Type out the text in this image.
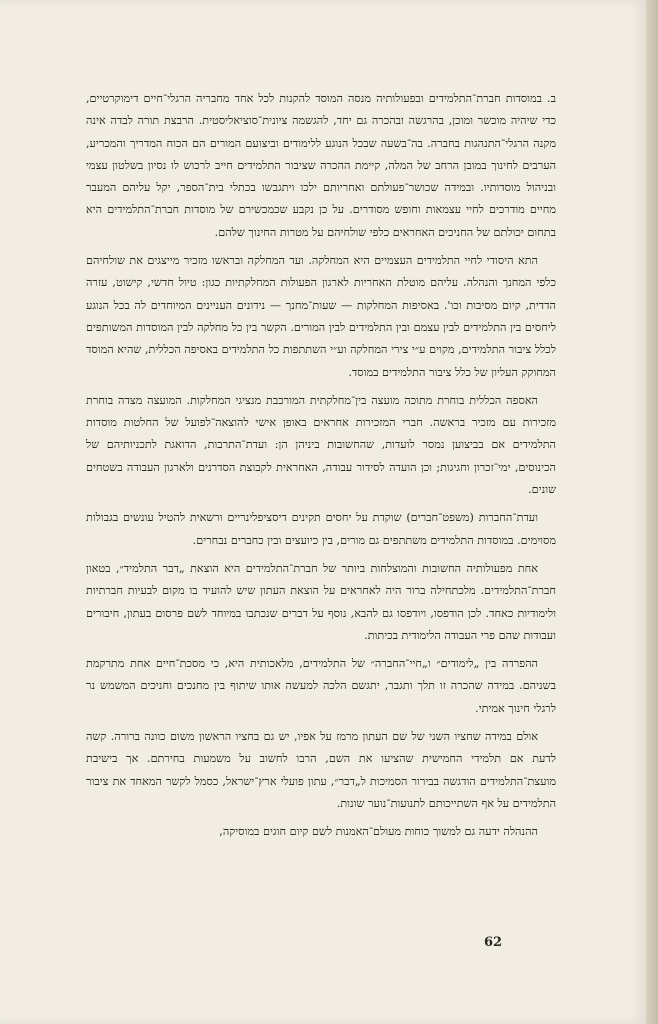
ב. במוסדות חברת־התלמידים ובפעולותיה מנסה המוסד להקנות לכל אחד מחבריה הרגלי־חיים דימוקרטיים, כדי שיהיה מוכשר ומוכן, בהרגשה ובהכרה גם יחד, להגשמה ציונית־סוציאליסטית. הרבצת תורה לבדה אינה מקנה הרגלי־התנהגות בחברה. בה־בשעה שבכל הנוגע ללימודים וביצועם המורים הם הכוח המדריך והמכריע, הערבים לחינוך במובן הרחב של המלה, קיימת ההכרה שציבור התלמידים חייב לרכוש לו נסיון בשלטון עצמי ובניהול מוסדותיו. ובמידה שכושר־פעולתם ואחריותם ילכו ויתגבשו בכתלי בית־הספר, יקל עליהם המעבר מחיים מודרכים לחיי עצמאות וחופש מסודרים. על כן נקבע שכמכשירם של מוסדות חברת־התלמידים היא בתחום יכולתם של החניכים האחראים כלפי שולחיהם על מטרות החינוך שלהם.

התא היסודי לחיי התלמידים העצמיים היא המחלקה. ועד המחלקה ובראשו מזכיר מייצגים את שולחיהם כלפי המחנך והנהלה. עליהם מוטלת האחריות לארגון הפעולות המחלקתיות כגון: טיול חדשי, קישוט, עזרה הדדית, קיום מסיבות וכו'. באסיפות המחלקות — שעות־מחנך — נידונים העניינים המיוחדים לה בכל הנוגע ליחסים בין התלמידים לבין עצמם ובין התלמידים לבין המורים. הקשר בין כל מחלקה לבין המוסדות המשותפים לכלל ציבור התלמידים, מקוים ע״י צירי המחלקה וע״י השתתפות כל התלמידים באסיפה הכללית, שהיא המוסד המחוקק העליון של כלל ציבור התלמידים במוסד.

האספה הכללית בוחרת מתוכה מועצה בין־מחלקתית המורכבת מנציגי המחלקות. המועצה מצדה בוחרת מזכירות עם מזכיר בראשה. חברי המזכירות אחראים באופן אישי להוצאה־לפועל של החלטות מוסדות התלמידים אם בביצוען נמסר לועדות, שהחשובות ביניהן הן: ועדת־התרבות, הדואגת לתכניותיהם של הכינוסים, ימי־זכרון וחגיגות; וכן הועדה לסידור עבודה, האחראית לקבוצת הסדרנים ולארגון העבודה בשטחים שונים.

ועדת־החברות (משפט־חברים) שוקדת על יחסים תקינים דיסציפלינריים ורשאית להטיל עונשים בגבולות מסוימים. במוסדות התלמידים משתתפים גם מורים, בין כיועצים ובין כחברים נבחרים.

אחת מפעולותיה החשובות והמוצלחות ביותר של חברת־התלמידים היא הוצאת „דבר התלמיד״, בטאון חברת־התלמידים. מלכתחילה ברור היה לאחראים על הוצאת העתון שיש להועיד בו מקום לבעיות חברתיות ולימודיות כאחד. לכן הודפסו, ויודפסו גם להבא, נוסף על דברים שנכתבו במיוחד לשם פרסום בעתון, חיבורים ועבודות שהם פרי העבודה הלימודית בכיתות.

ההפרדה בין „לימודים״ ו„חיי־החברה״ של התלמידים, מלאכותית היא, כי מסכת־חיים אחת מתרקמת בשניהם. במידה שהכרה זו תלך ותגבר, יתגשם הלכה למעשה אותו שיתוף בין מחנכים וחניכים המשמש נר לרגלי חינוך אמיתי.

אולם במידה שחציו השני של שם העתון מרמז על אפיו, יש גם בחציו הראשון משום כוונה ברורה. קשה לדעת אם תלמידי החמישית שהציעו את השם, הרבו לחשוב על משמעות בחירתם. אך בישיבת מועצת־התלמידים הודגשה בבירור הסמיכות ל„דבר״, עתון פועלי ארץ־ישראל, כסמל לקשר המאחד את ציבור התלמידים על אף השתייכותם לתנועות־נוער שונות.

ההנהלה ידעה גם למשוך כוחות מעולם־האמנות לשם קיום חוגים במוסיקה,

62
